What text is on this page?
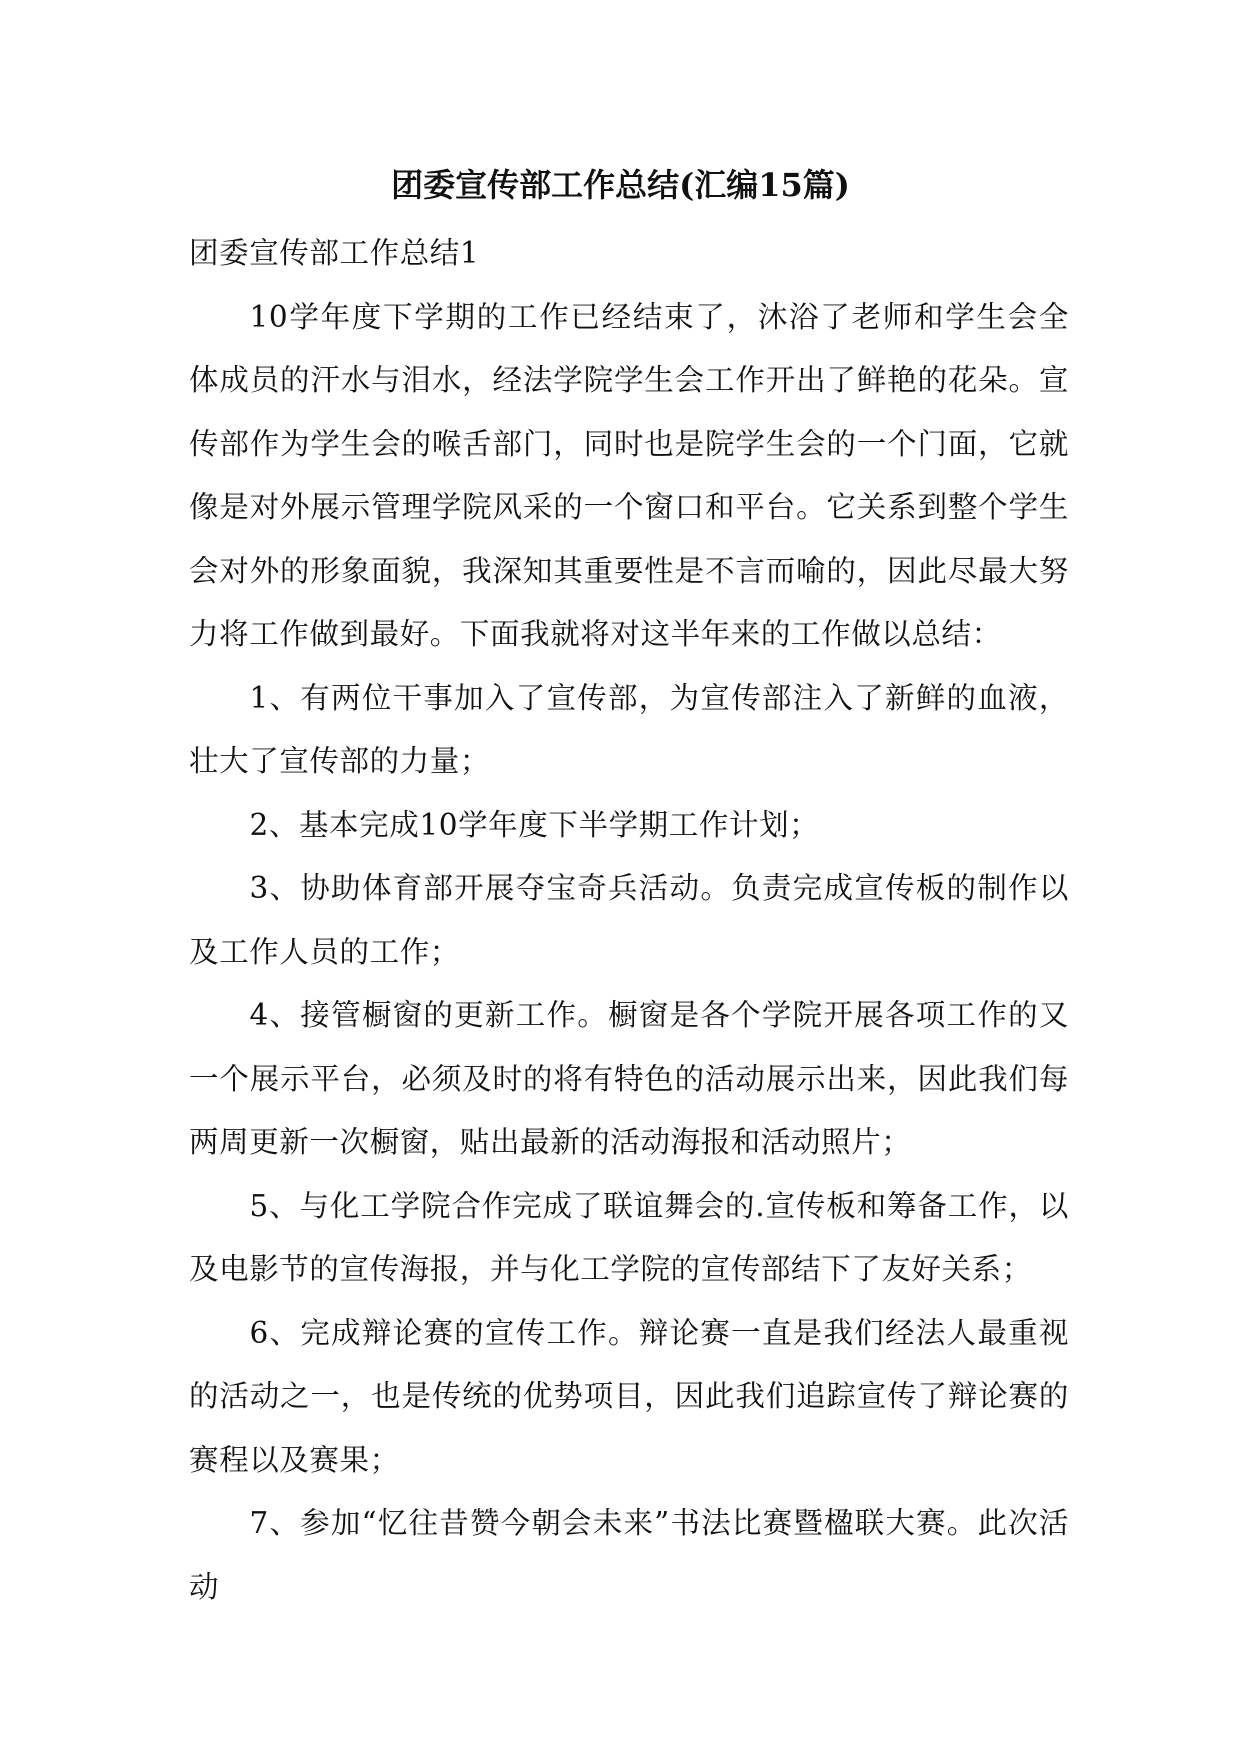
团委宣传部工作总结(汇编15篇)

团委宣传部工作总结1

10学年度下学期的工作已经结束了，沐浴了老师和学生会全体成员的汗水与泪水，经法学院学生会工作开出了鲜艳的花朵。宣传部作为学生会的喉舌部门，同时也是院学生会的一个门面，它就像是对外展示管理学院风采的一个窗口和平台。它关系到整个学生会对外的形象面貌，我深知其重要性是不言而喻的，因此尽最大努力将工作做到最好。下面我就将对这半年来的工作做以总结：

1、有两位干事加入了宣传部，为宣传部注入了新鲜的血液，壮大了宣传部的力量；

2、基本完成10学年度下半学期工作计划；

3、协助体育部开展夺宝奇兵活动。负责完成宣传板的制作以及工作人员的工作；

4、接管橱窗的更新工作。橱窗是各个学院开展各项工作的又一个展示平台，必须及时的将有特色的活动展示出来，因此我们每两周更新一次橱窗，贴出最新的活动海报和活动照片；

5、与化工学院合作完成了联谊舞会的.宣传板和筹备工作，以及电影节的宣传海报，并与化工学院的宣传部结下了友好关系；

6、完成辩论赛的宣传工作。辩论赛一直是我们经法人最重视的活动之一，也是传统的优势项目，因此我们追踪宣传了辩论赛的赛程以及赛果；

7、参加“忆往昔赞今朝会未来”书法比赛暨楹联大赛。此次活动
